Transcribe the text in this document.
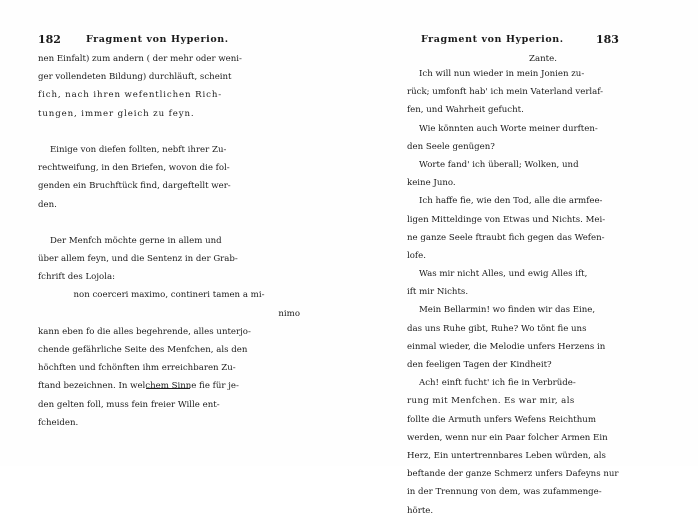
182	Fragment von Hyperion.
nen Einfalt) zum andern ( der mehr oder weni-
ger vollendeten Bildung) durchläuft, scheint
fich, nach ihren wefentlichen Rich-
tungen, immer gleich zu feyn.
Einige von diefen follten, nebft ihrer Zu-
rechtweifung, in den Briefen, wovon die fol-
genden ein Bruchftück find, dargeftellt wer-
den.
Der Menfch möchte gerne in allem und
über allem feyn, und die Sentenz in der Grab-
fchrift des Lojola:
non coerceri maximo, contineri tamen a mi-
nimo
kann eben fo die alles begehrende, alles unterjo-
chende gefährliche Seite des Menfchen, als den
höchften und fchönften ihm erreichbaren Zu-
ftand bezeichnen. In welchem Sinne fie für je-
den gelten foll, muss fein freier Wille ent-
fcheiden.
Fragment von Hyperion.	183
Zante.
Ich will nun wieder in mein Jonien zu-
rück; umfonft hab' ich mein Vaterland verlaf-
fen, und Wahrheit gefucht.
Wie könnten auch Worte meiner durften-
den Seele genügen?
Worte fand' ich überall; Wolken, und
keine Juno.
Ich haffe fie, wie den Tod, alle die armfee-
ligen Mitteldinge von Etwas und Nichts. Mei-
ne ganze Seele ftraubt fich gegen das Wefen-
lofe.
Was mir nicht Alles, und ewig Alles ift,
ift mir Nichts.
Mein Bellarmin! wo finden wir das Eine,
das uns Ruhe gibt, Ruhe? Wo tönt fie uns
einmal wieder, die Melodie unfers Herzens in
den feeligen Tagen der Kindheit?
Ach! einft fucht' ich fie in Verbrüde-
rung mit Menfchen. Es war mir, als
follte die Armuth unfers Wefens Reichthum
werden, wenn nur ein Paar folcher Armen Ein
Herz, Ein untertrennbares Leben würden, als
beftande der ganze Schmerz unfers Dafeyns nur
in der Trennung von dem, was zufammenge-
hörte.
